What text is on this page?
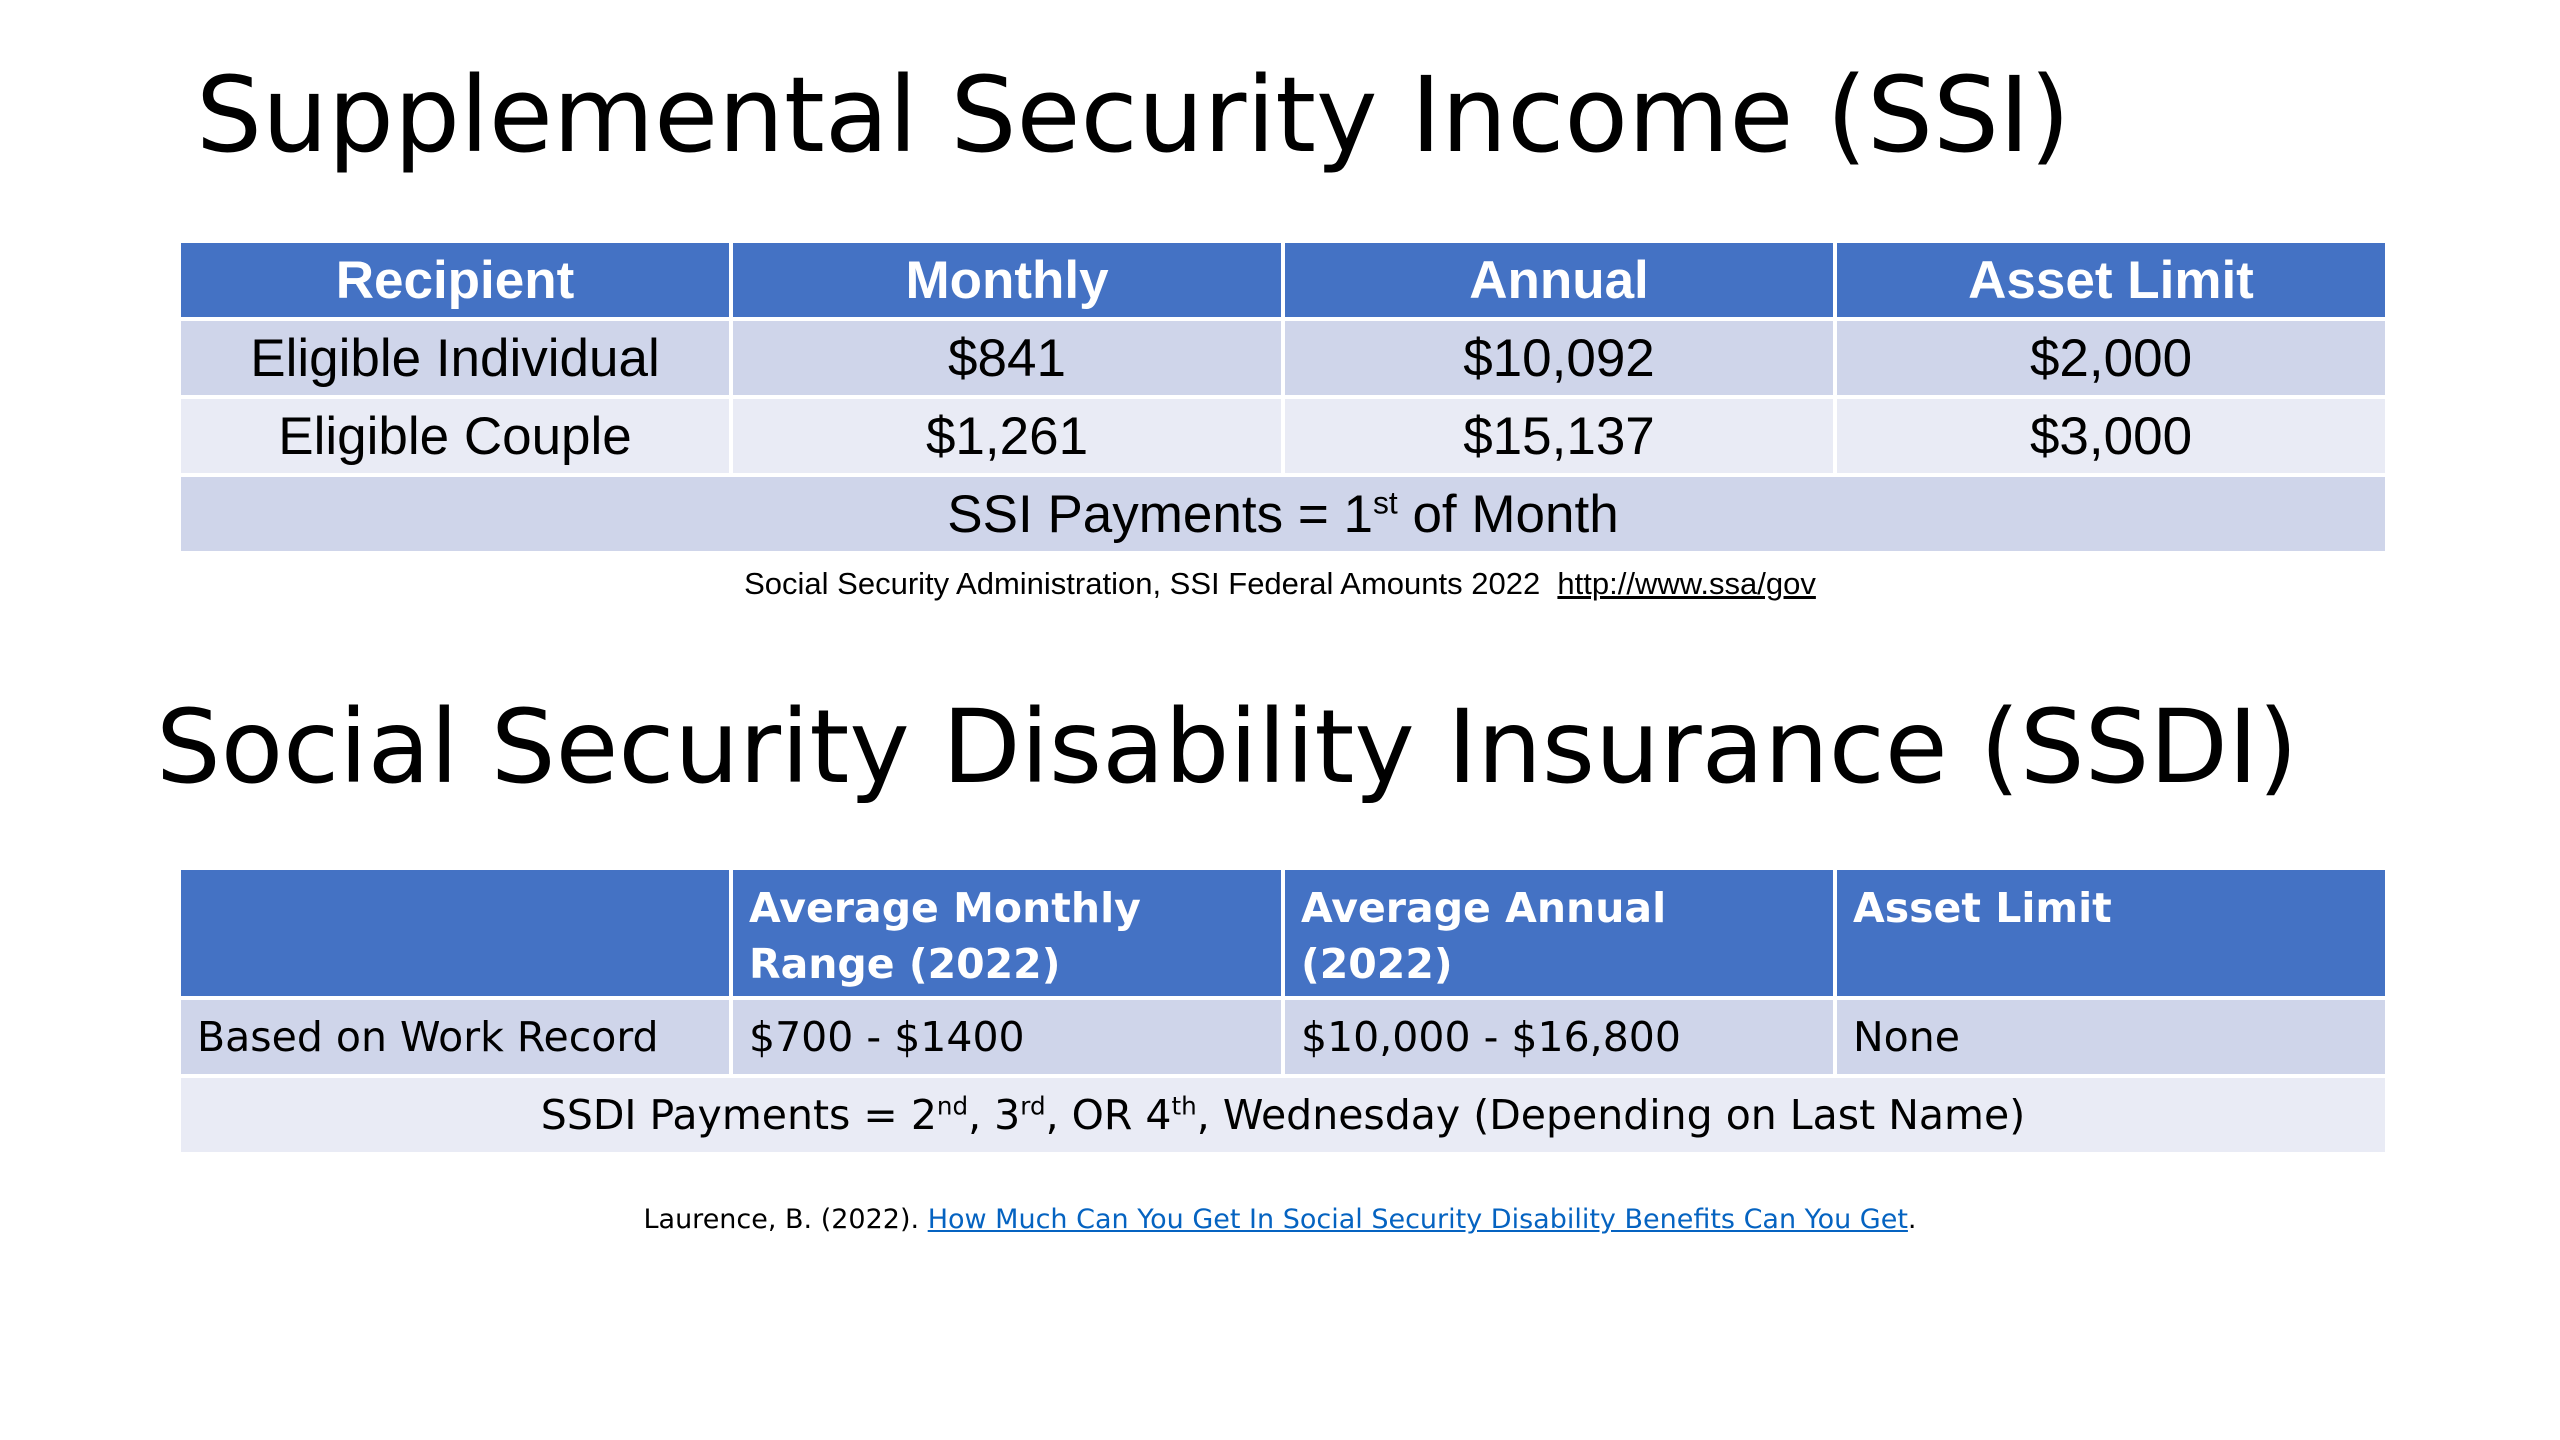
Supplemental Security Income (SSI)
Recipient	Monthly	Annual	Asset Limit
Eligible Individual	$841	$10,092	$2,000
Eligible Couple	$1,261	$15,137	$3,000
SSI Payments = 1st of Month			
Social Security Administration, SSI Federal Amounts 2022 http://www.ssa/gov
Social Security Disability Insurance (SSDI)
	Average Monthly Range (2022)	Average Annual (2022)	Asset Limit
Based on Work Record	$700 - $1400	$10,000 - $16,800	None
SSDI Payments = 2nd, 3rd, OR 4th, Wednesday (Depending on Last Name)			
Laurence, B. (2022). How Much Can You Get In Social Security Disability Benefits Can You Get.
